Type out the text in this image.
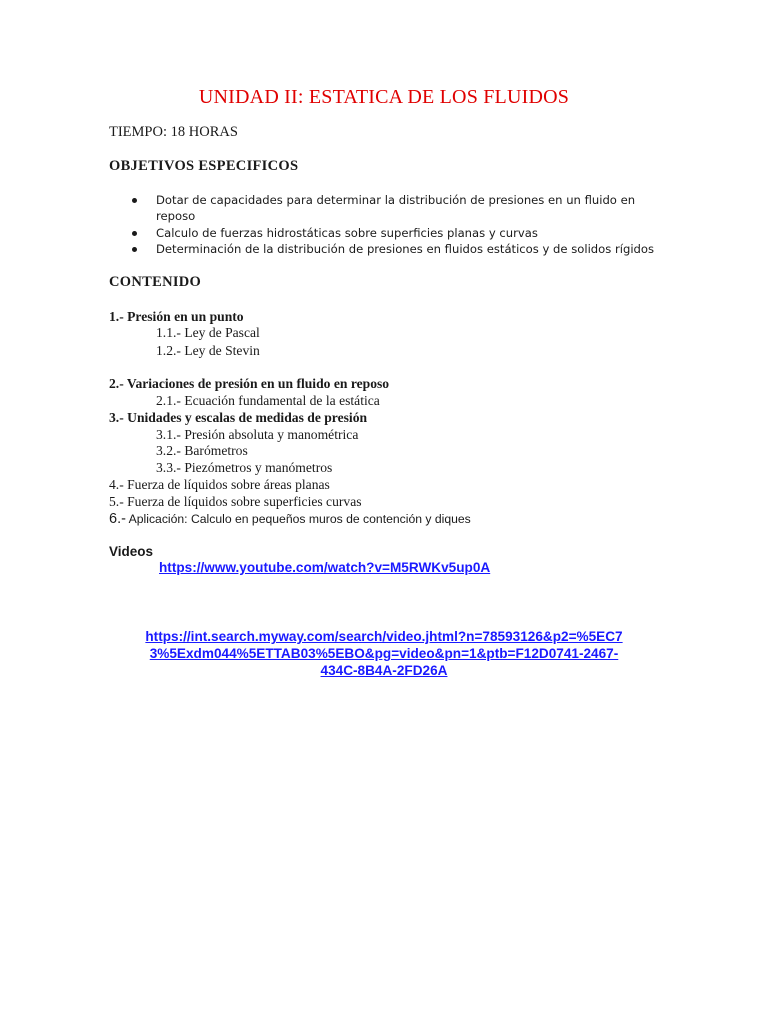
UNIDAD II: ESTATICA DE LOS FLUIDOS
TIEMPO: 18 HORAS
OBJETIVOS ESPECIFICOS
Dotar de capacidades para determinar la distribución de presiones en un fluido en reposo
Calculo de fuerzas hidrostáticas sobre superficies planas y curvas
Determinación de la distribución de presiones en fluidos estáticos y de solidos rígidos
CONTENIDO
1.- Presión en un punto
1.1.- Ley de Pascal
1.2.- Ley de Stevin
2.- Variaciones de presión en un fluido en reposo
2.1.- Ecuación fundamental de la estática
3.- Unidades y escalas de medidas de presión
3.1.- Presión absoluta y manométrica
3.2.- Barómetros
3.3.- Piezómetros y manómetros
4.- Fuerza de líquidos sobre áreas planas
5.- Fuerza de líquidos sobre superficies curvas
6.- Aplicación: Calculo en pequeños muros de contención y diques
Videos
https://www.youtube.com/watch?v=M5RWKv5up0A
https://int.search.myway.com/search/video.jhtml?n=78593126&p2=%5EC7
3%5Exdm044%5ETTAB03%5EBO&pg=video&pn=1&ptb=F12D0741-2467-
434C-8B4A-2FD26A
